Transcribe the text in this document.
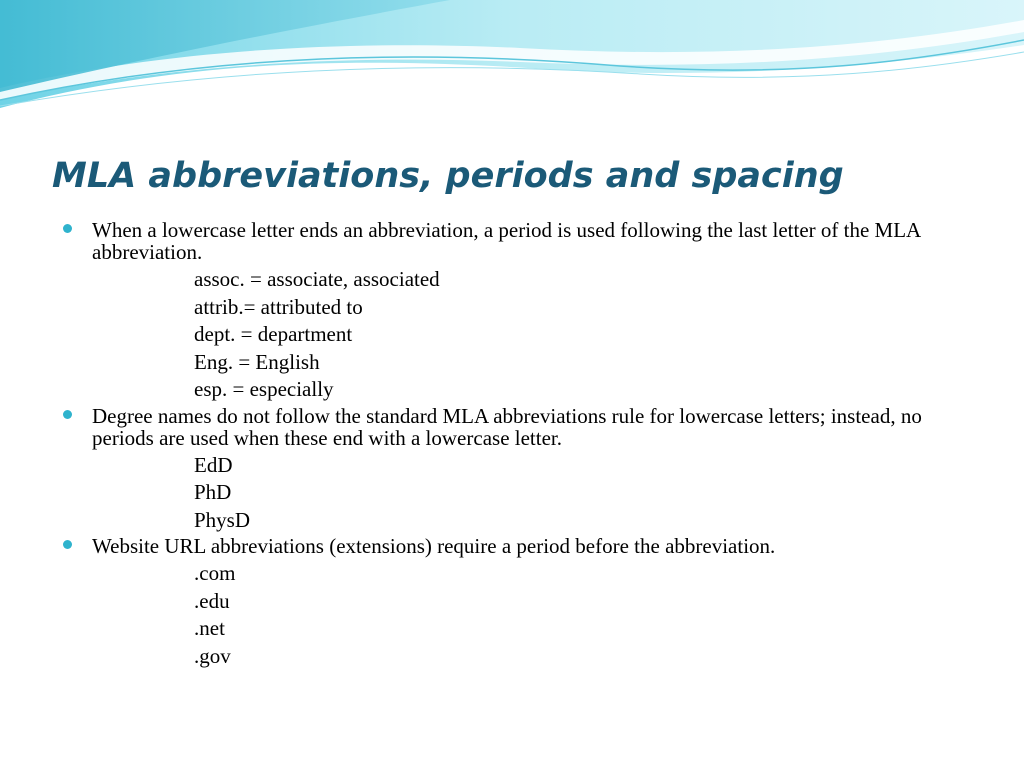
MLA abbreviations, periods and spacing

When a lowercase letter ends an abbreviation, a period is used following the last letter of the MLA abbreviation.

assoc. = associate, associated
attrib.= attributed to
dept. = department
Eng. = English
esp. = especially

Degree names do not follow the standard MLA abbreviations rule for lowercase letters; instead, no periods are used when these end with a lowercase letter.

EdD
PhD
PhysD

Website URL abbreviations (extensions) require a period before the abbreviation.

.com
.edu
.net
.gov
